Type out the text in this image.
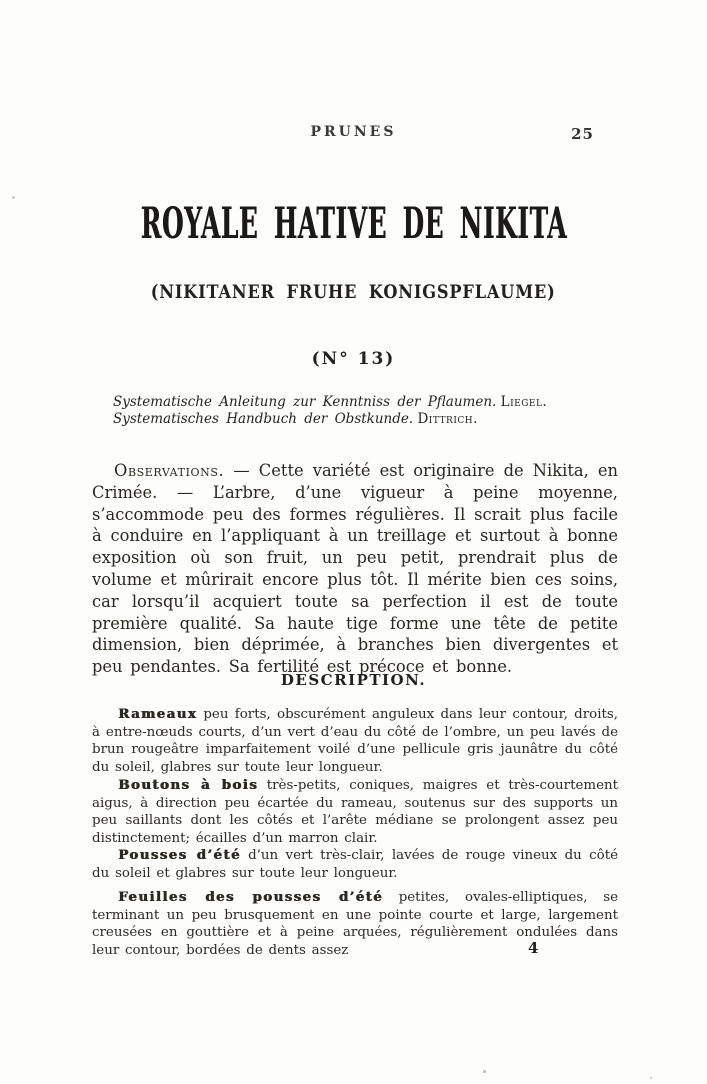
PRUNES	25
ROYALE HATIVE DE NIKITA
(NIKITANER FRUHE KONIGSPFLAUME)
(N° 13)
Systematische Anleitung zur Kenntniss der Pflaumen. Liegel.
Systematisches Handbuch der Obstkunde. Dittrich.
Observations. — Cette variété est originaire de Nikita, en Crimée. — L’arbre, d’une vigueur à peine moyenne, s’accommode peu des formes régulières. Il scrait plus facile à conduire en l’appliquant à un treillage et surtout à bonne exposition où son fruit, un peu petit, prendrait plus de volume et mûrirait encore plus tôt. Il mérite bien ces soins, car lorsqu’il acquiert toute sa perfection il est de toute première qualité. Sa haute tige forme une tête de petite dimension, bien déprimée, à branches bien divergentes et peu pendantes. Sa fertilité est précoce et bonne.
DESCRIPTION.
Rameaux peu forts, obscurément anguleux dans leur contour, droits, à entre-nœuds courts, d’un vert d’eau du côté de l’ombre, un peu lavés de brun rougeâtre imparfaitement voilé d’une pellicule gris jaunâtre du côté du soleil, glabres sur toute leur longueur.
Boutons à bois très-petits, coniques, maigres et très-courtement aigus, à direction peu écartée du rameau, soutenus sur des supports un peu saillants dont les côtés et l’arête médiane se prolongent assez peu distinctement; écailles d’un marron clair.
Pousses d’été d’un vert très-clair, lavées de rouge vineux du côté du soleil et glabres sur toute leur longueur.
Feuilles des pousses d’été petites, ovales-elliptiques, se terminant un peu brusquement en une pointe courte et large, largement creusées en gouttière et à peine arquées, régulièrement ondulées dans leur contour, bordées de dents assez	4
